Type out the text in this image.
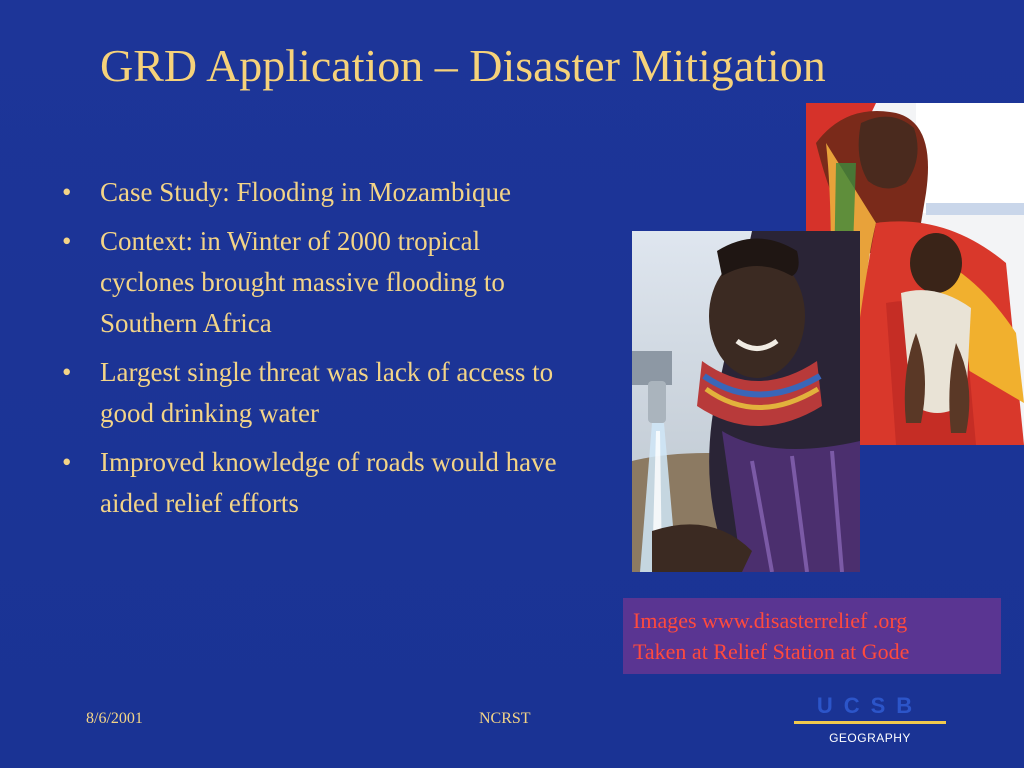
GRD Application – Disaster Mitigation
• Case Study: Flooding in Mozambique
• Context: in Winter of 2000 tropical cyclones brought massive flooding to Southern Africa
• Largest single threat was lack of access to good drinking water
• Improved knowledge of roads would have aided relief efforts
Images www.disasterrelief .org
Taken at Relief Station at Gode
8/6/2001	NCRST
UCSB
GEOGRAPHY
